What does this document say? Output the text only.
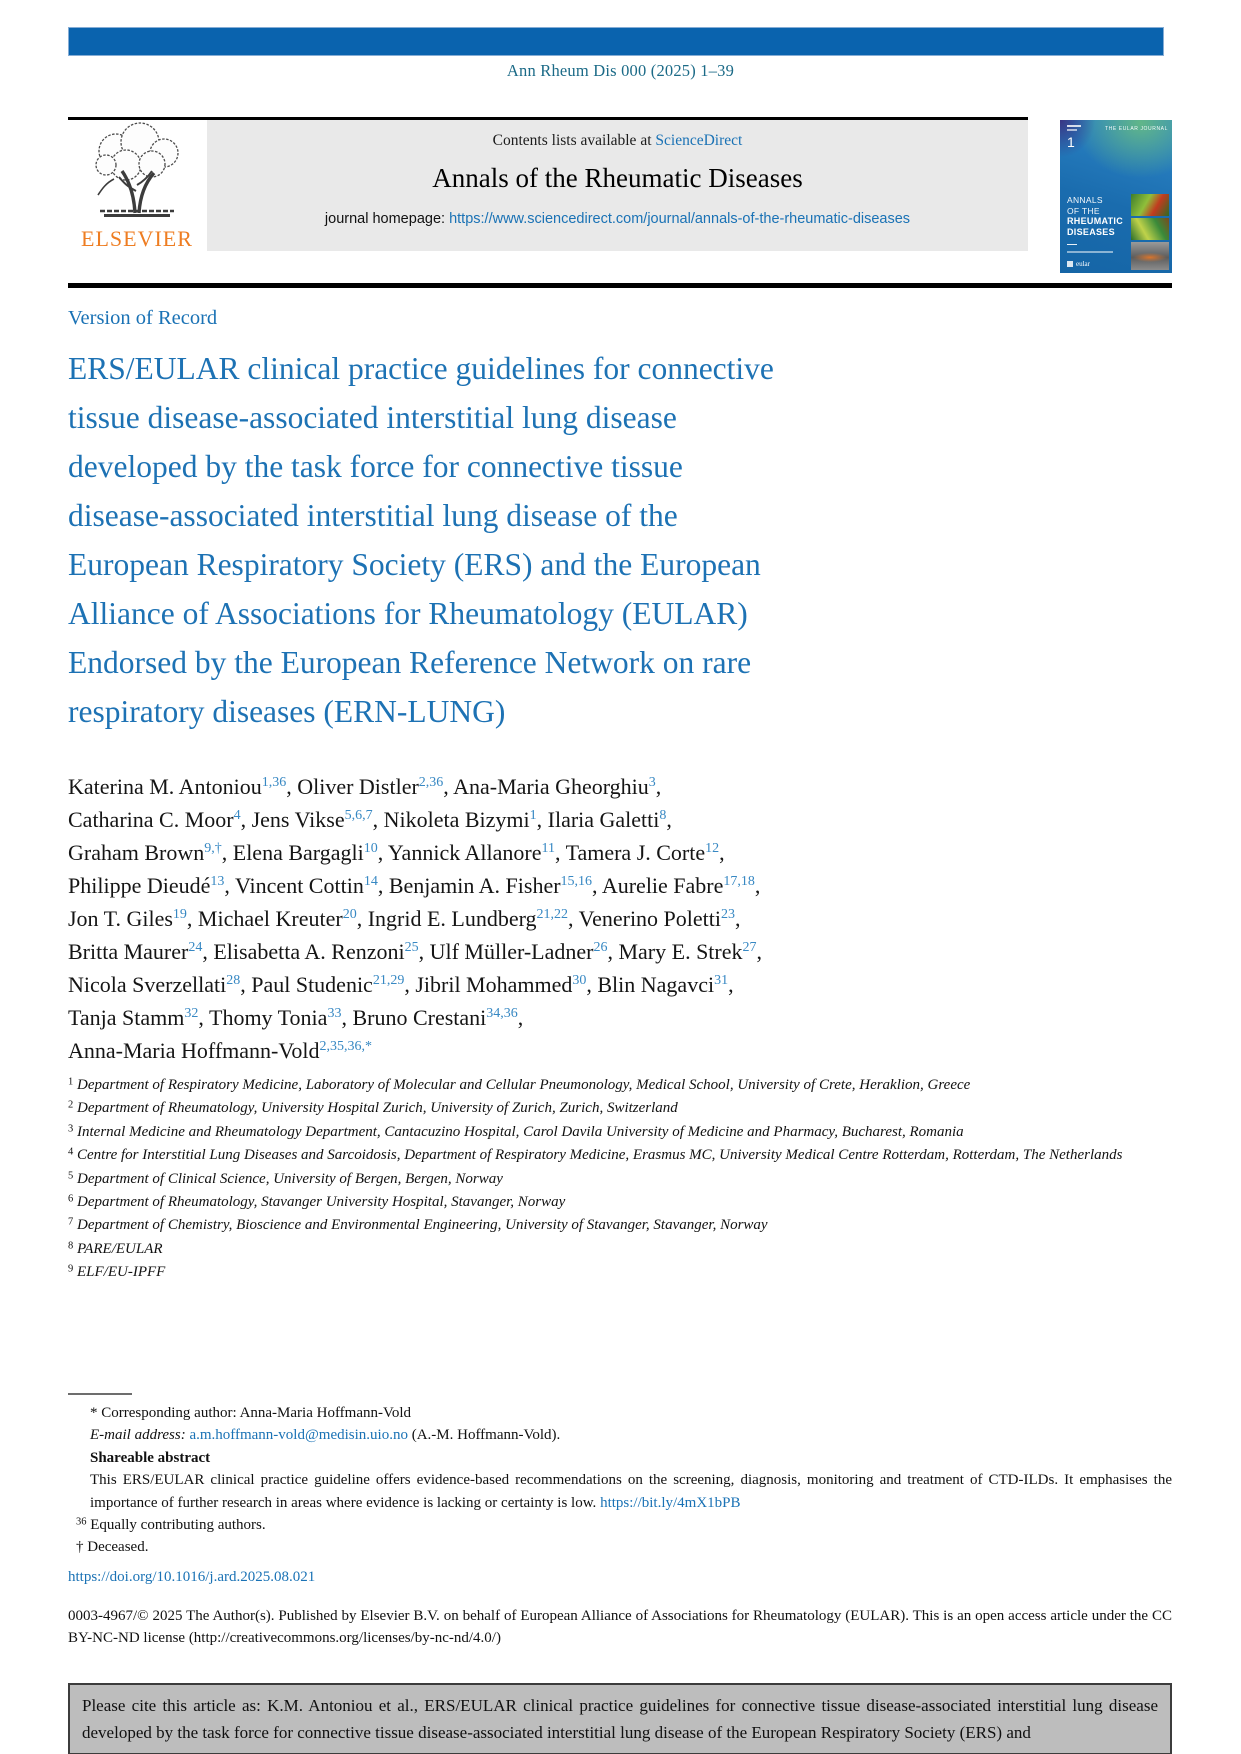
Ann Rheum Dis 000 (2025) 1–39
ELSEVIER
Contents lists available at ScienceDirect
Annals of the Rheumatic Diseases
journal homepage: https://www.sciencedirect.com/journal/annals-of-the-rheumatic-diseases
THE EULAR JOURNAL
1
ANNALS
OF THE
RHEUMATIC
DISEASES
eular
Version of Record
ERS/EULAR clinical practice guidelines for connective
tissue disease-associated interstitial lung disease
developed by the task force for connective tissue
disease-associated interstitial lung disease of the
European Respiratory Society (ERS) and the European
Alliance of Associations for Rheumatology (EULAR)
Endorsed by the European Reference Network on rare
respiratory diseases (ERN-LUNG)
Katerina M. Antoniou$^{1,36}$, Oliver Distler$^{2,36}$, Ana-Maria Gheorghiu$^3$,
Catharina C. Moor$^4$, Jens Vikse$^{5,6,7}$, Nikoleta Bizymi$^1$, Ilaria Galetti$^8$,
Graham Brown$^{9,\dagger}$, Elena Bargagli$^{10}$, Yannick Allanore$^{11}$, Tamera J. Corte$^{12}$,
Philippe Dieudé$^{13}$, Vincent Cottin$^{14}$, Benjamin A. Fisher$^{15,16}$, Aurelie Fabre$^{17,18}$,
Jon T. Giles$^{19}$, Michael Kreuter$^{20}$, Ingrid E. Lundberg$^{21,22}$, Venerino Poletti$^{23}$,
Britta Maurer$^{24}$, Elisabetta A. Renzoni$^{25}$, Ulf Müller-Ladner$^{26}$, Mary E. Strek$^{27}$,
Nicola Sverzellati$^{28}$, Paul Studenic$^{21,29}$, Jibril Mohammed$^{30}$, Blin Nagavci$^{31}$,
Tanja Stamm$^{32}$, Thomy Tonia$^{33}$, Bruno Crestani$^{34,36}$,
Anna-Maria Hoffmann-Vold$^{2,35,36,*}$
$^1$ Department of Respiratory Medicine, Laboratory of Molecular and Cellular Pneumonology, Medical School, University of Crete, Heraklion, Greece
$^2$ Department of Rheumatology, University Hospital Zurich, University of Zurich, Zurich, Switzerland
$^3$ Internal Medicine and Rheumatology Department, Cantacuzino Hospital, Carol Davila University of Medicine and Pharmacy, Bucharest, Romania
$^4$ Centre for Interstitial Lung Diseases and Sarcoidosis, Department of Respiratory Medicine, Erasmus MC, University Medical Centre Rotterdam, Rotterdam, The Netherlands
$^5$ Department of Clinical Science, University of Bergen, Bergen, Norway
$^6$ Department of Rheumatology, Stavanger University Hospital, Stavanger, Norway
$^7$ Department of Chemistry, Bioscience and Environmental Engineering, University of Stavanger, Stavanger, Norway
$^8$ PARE/EULAR
$^9$ ELF/EU-IPFF
* Corresponding author: Anna-Maria Hoffmann-Vold
E-mail address: a.m.hoffmann-vold@medisin.uio.no (A.-M. Hoffmann-Vold).
Shareable abstract
This ERS/EULAR clinical practice guideline offers evidence-based recommendations on the screening, diagnosis, monitoring and treatment of CTD-ILDs. It emphasises the importance of further research in areas where evidence is lacking or certainty is low. https://bit.ly/4mX1bPB
$^{36}$ Equally contributing authors.
† Deceased.
https://doi.org/10.1016/j.ard.2025.08.021
0003-4967/© 2025 The Author(s). Published by Elsevier B.V. on behalf of European Alliance of Associations for Rheumatology (EULAR). This is an open access article under the CC BY-NC-ND license (http://creativecommons.org/licenses/by-nc-nd/4.0/)
Please cite this article as: K.M. Antoniou et al., ERS/EULAR clinical practice guidelines for connective tissue disease-associated interstitial lung disease developed by the task force for connective tissue disease-associated interstitial lung disease of the European Respiratory Society (ERS) and
